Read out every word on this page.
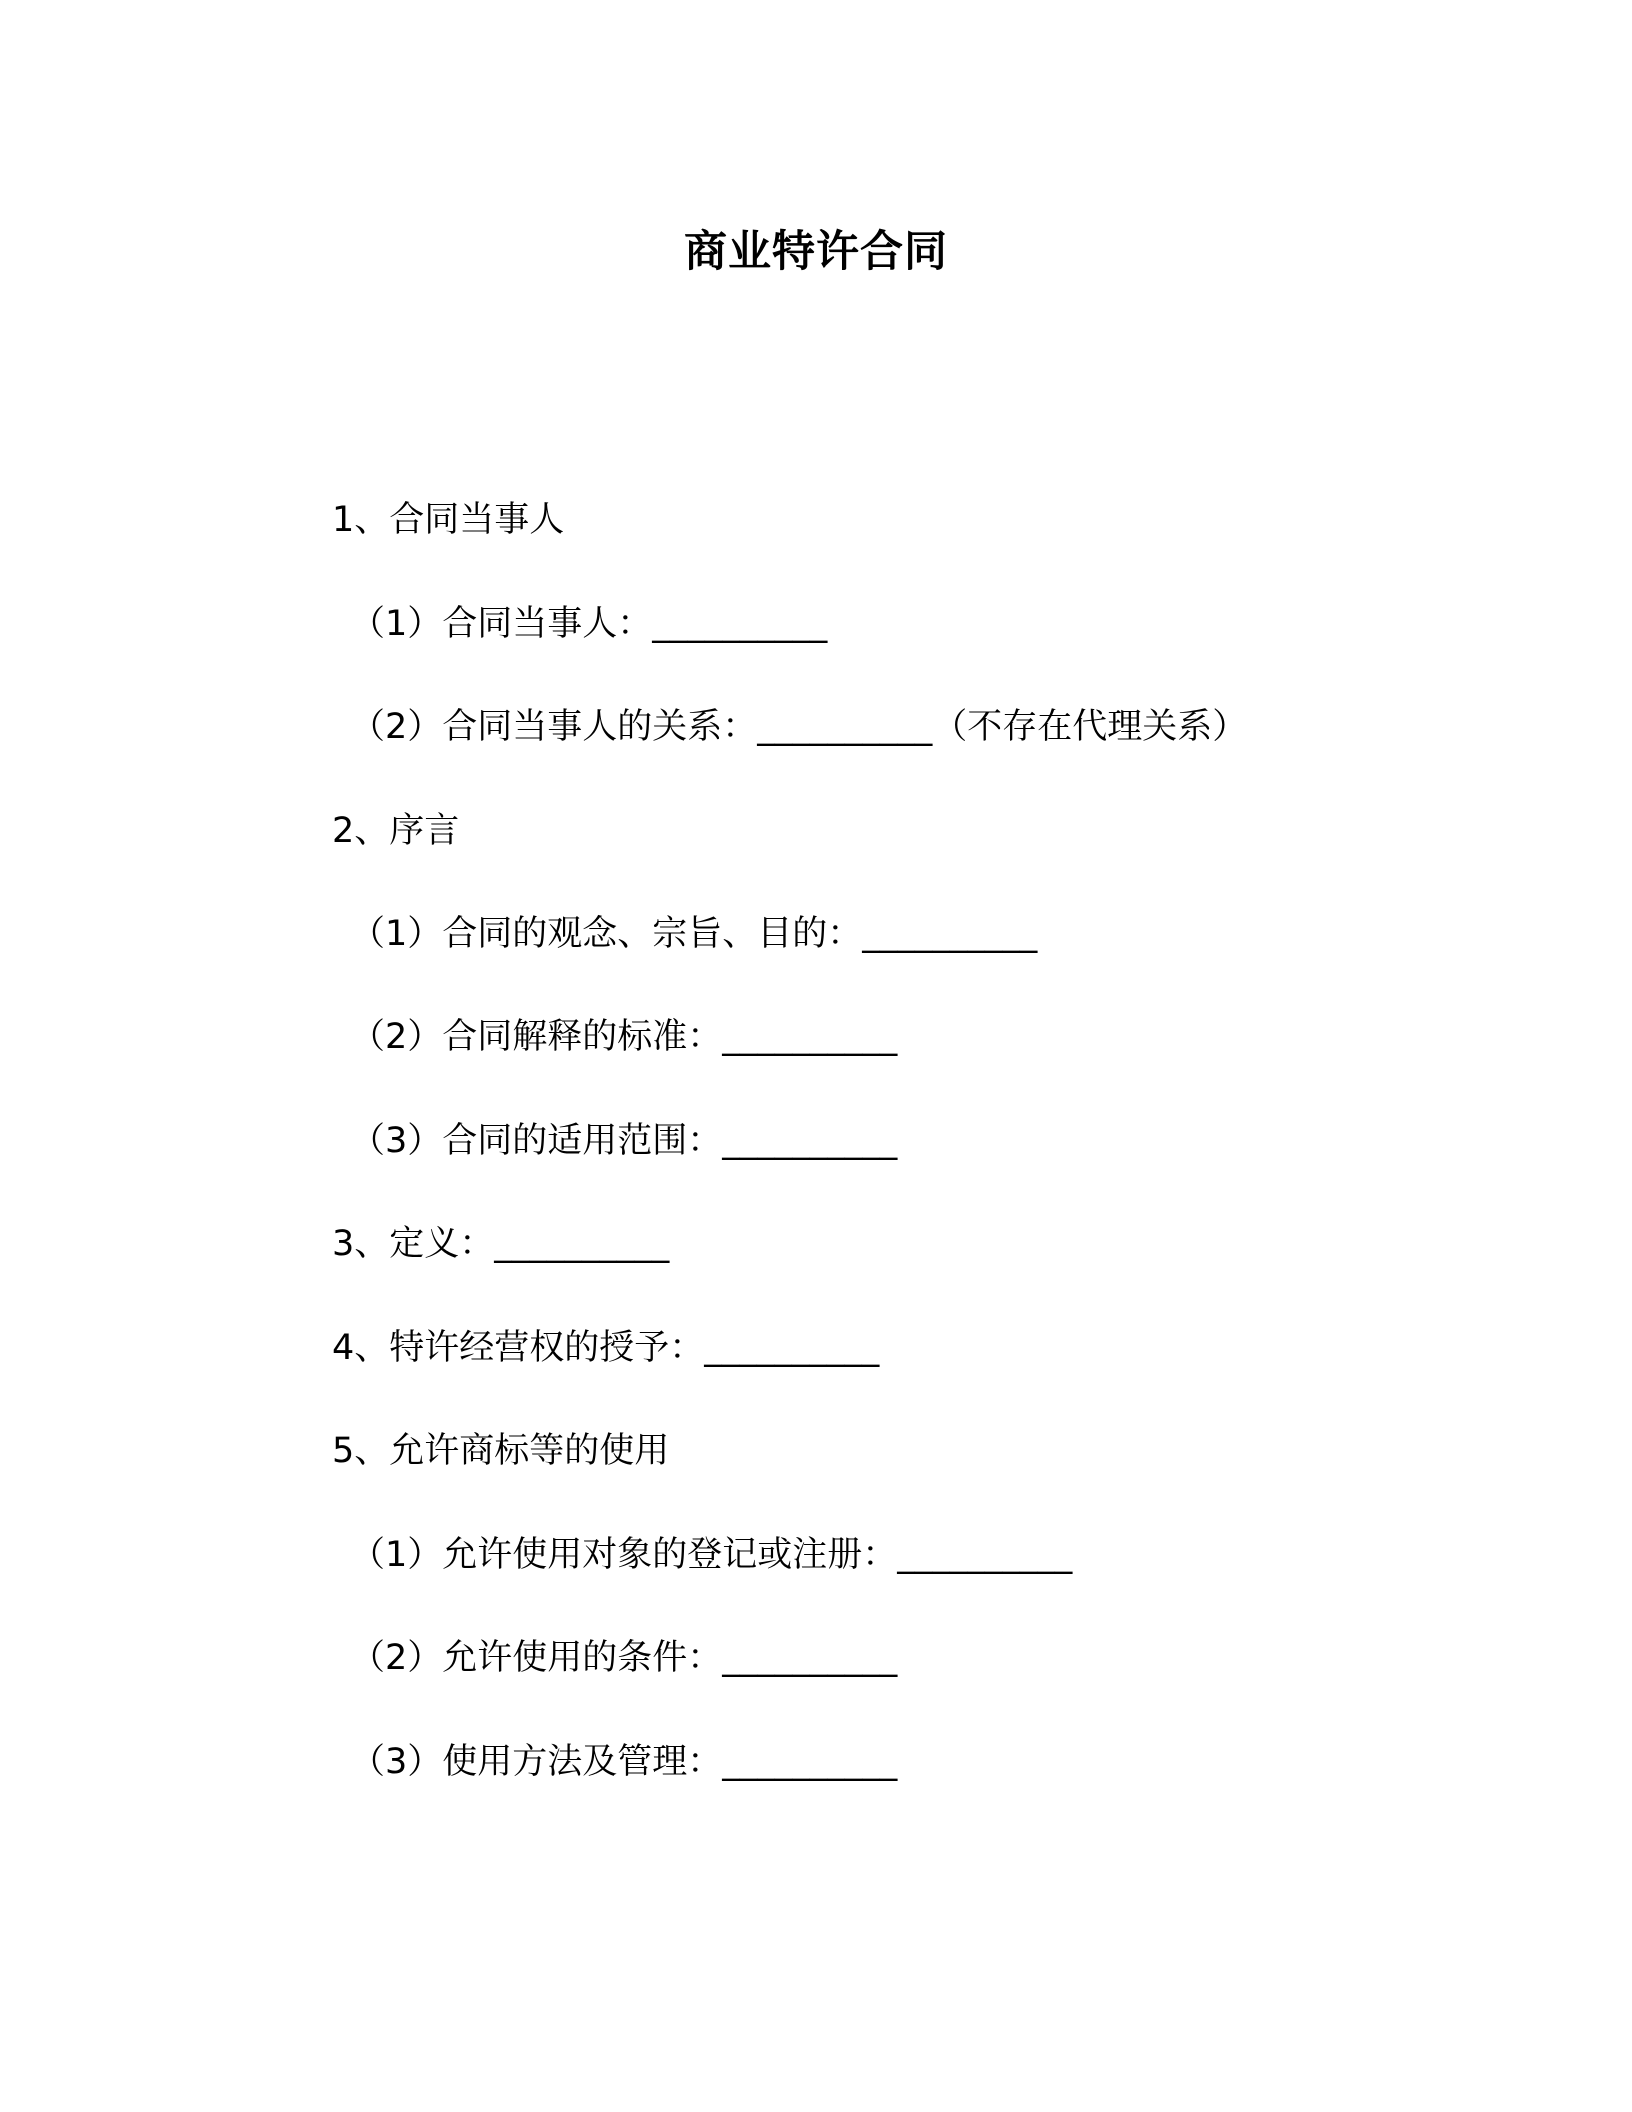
商业特许合同
1、合同当事人
（1）合同当事人：__________
（2）合同当事人的关系：__________（不存在代理关系）
2、序言
（1）合同的观念、宗旨、目的：__________
（2）合同解释的标准：__________
（3）合同的适用范围：__________
3、定义：__________
4、特许经营权的授予：__________
5、允许商标等的使用
（1）允许使用对象的登记或注册：__________
（2）允许使用的条件：__________
（3）使用方法及管理：__________
